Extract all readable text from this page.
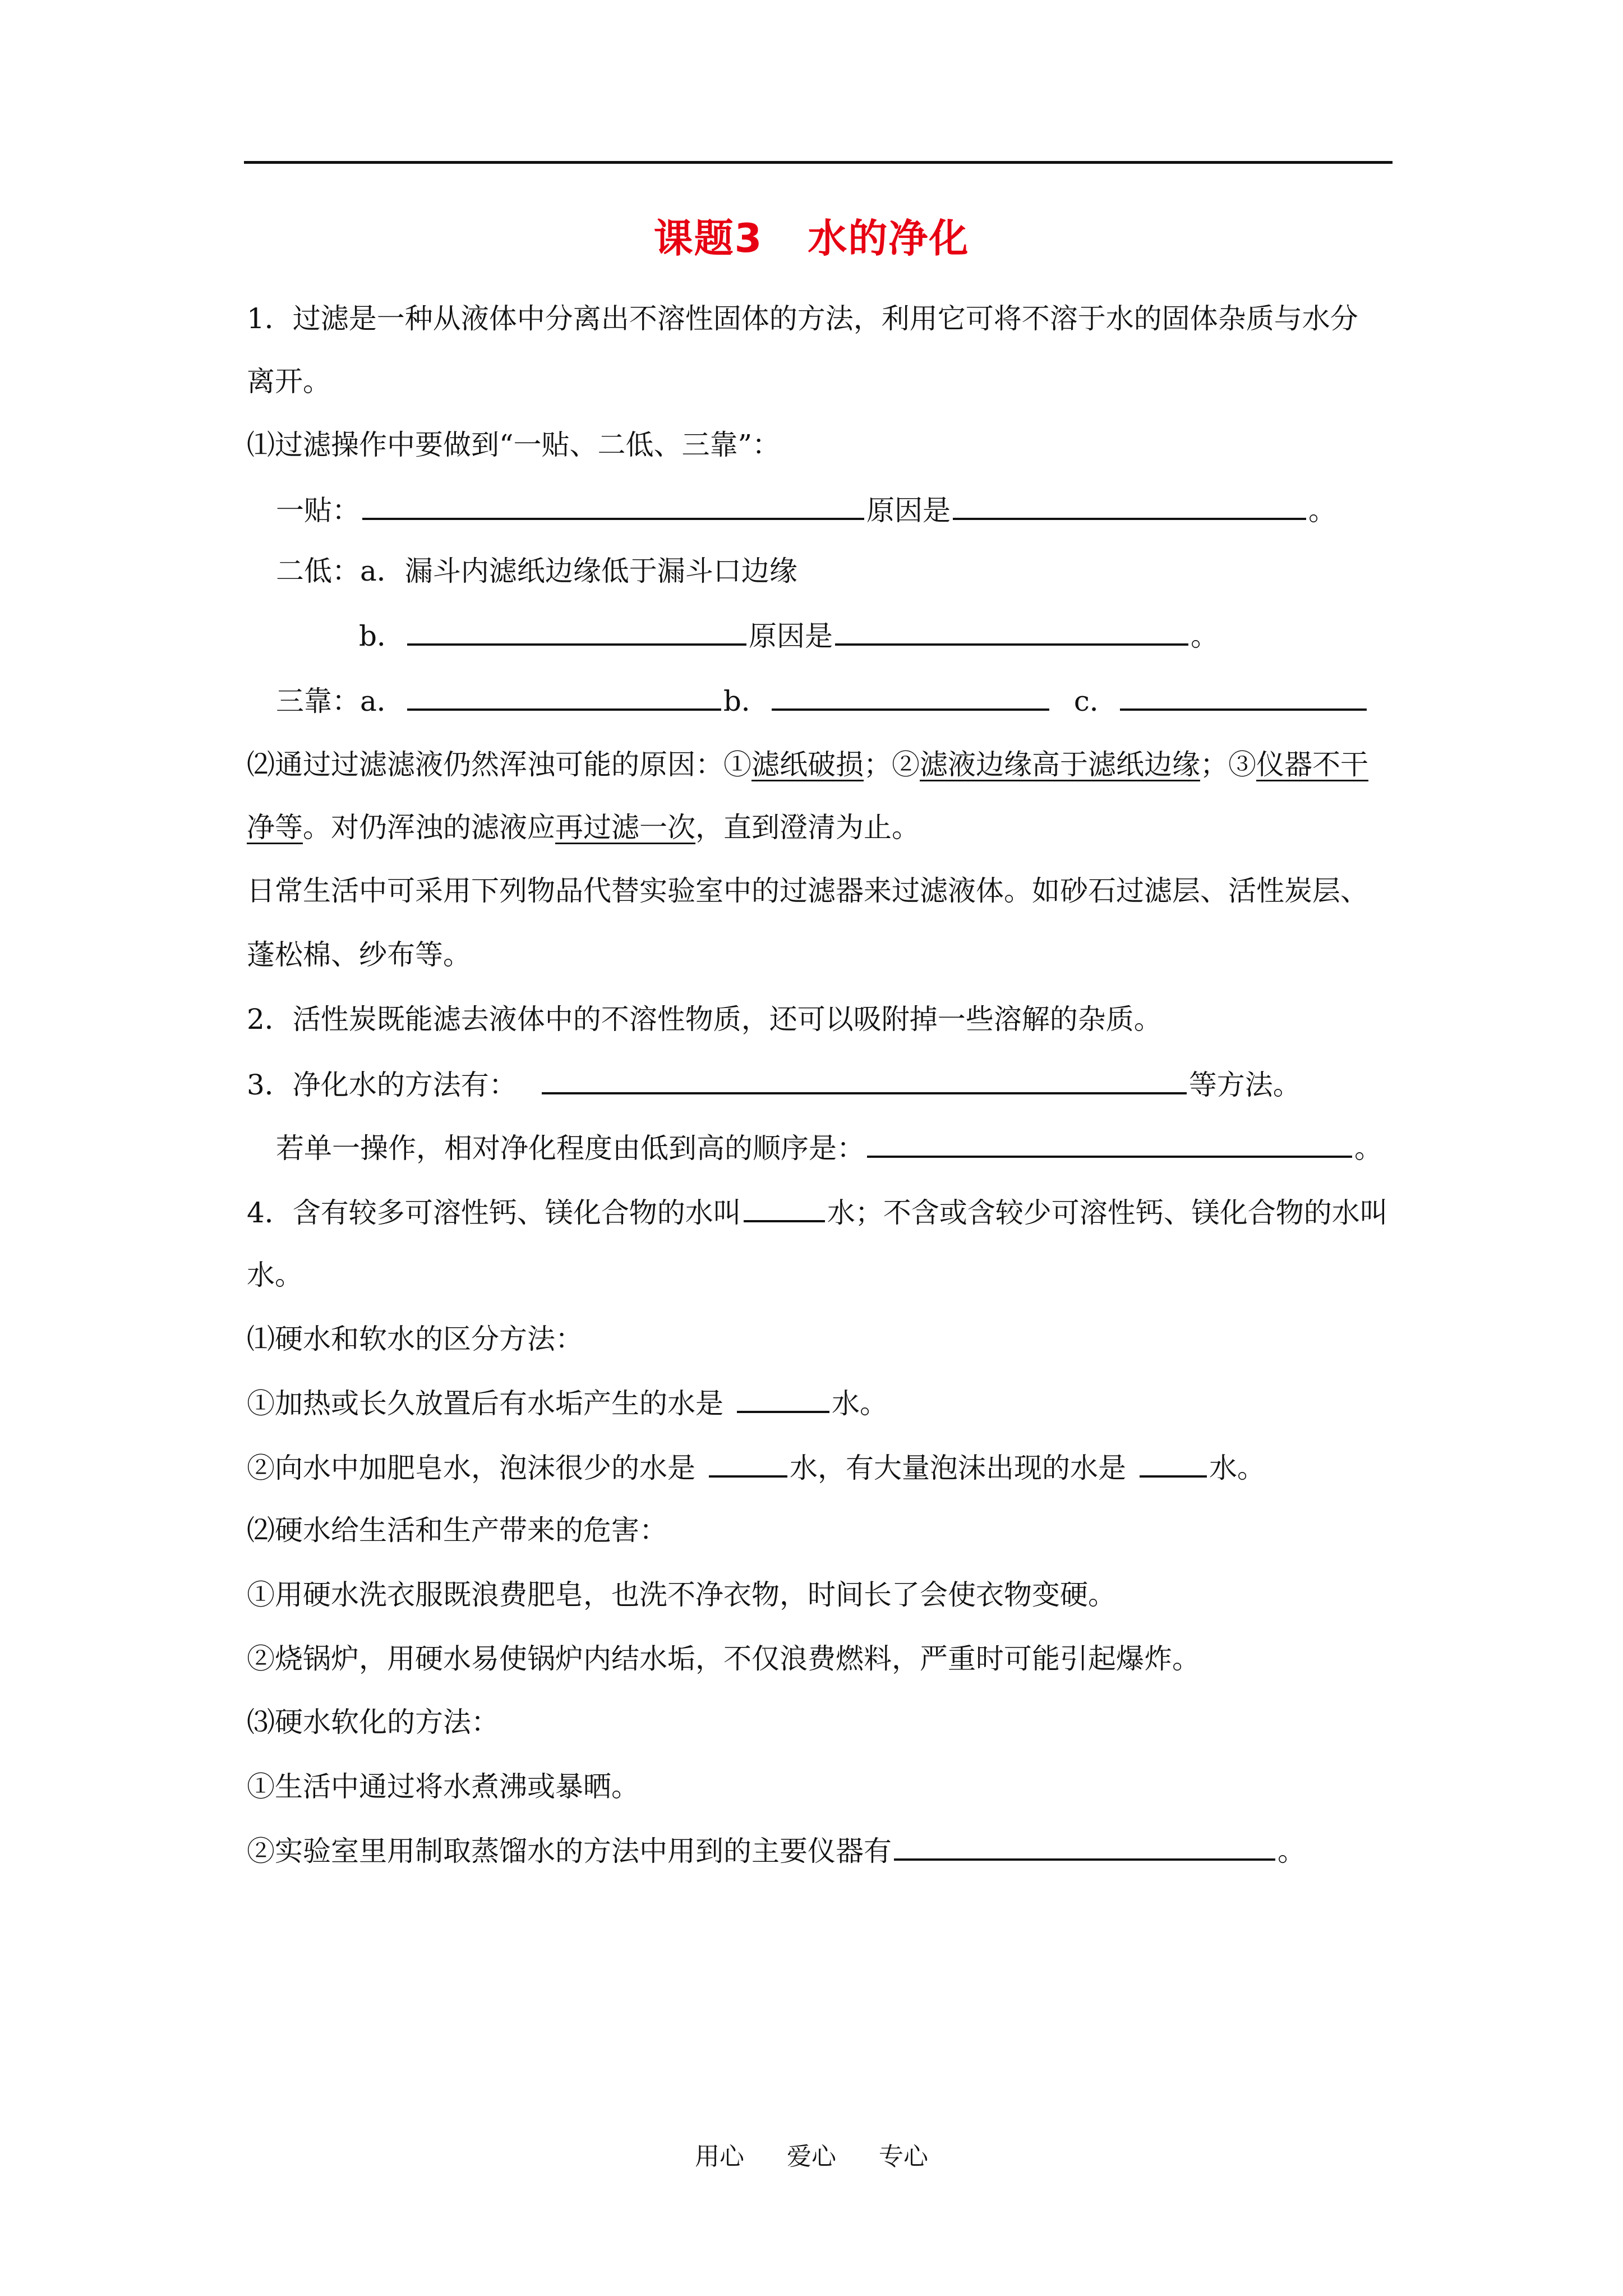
课题3 水的净化
1．过滤是一种从液体中分离出不溶性固体的方法，利用它可将不溶于水的固体杂质与水分
离开。
⑴过滤操作中要做到“一贴、二低、三靠”：
一贴：	原因是	。
二低：a．漏斗内滤纸边缘低于漏斗口边缘
b．	原因是	。
三靠：a．	b．	c．
⑵通过过滤滤液仍然浑浊可能的原因：①滤纸破损；②滤液边缘高于滤纸边缘；③仪器不干
净等。对仍浑浊的滤液应再过滤一次，直到澄清为止。
日常生活中可采用下列物品代替实验室中的过滤器来过滤液体。如砂石过滤层、活性炭层、
蓬松棉、纱布等。
2．活性炭既能滤去液体中的不溶性物质，还可以吸附掉一些溶解的杂质。
3．净化水的方法有：	等方法。
若单一操作，相对净化程度由低到高的顺序是：	。
4．含有较多可溶性钙、镁化合物的水叫	水；不含或含较少可溶性钙、镁化合物的水叫
水。
⑴硬水和软水的区分方法：
①加热或长久放置后有水垢产生的水是	水。
②向水中加肥皂水，泡沫很少的水是	水，有大量泡沫出现的水是	水。
⑵硬水给生活和生产带来的危害：
①用硬水洗衣服既浪费肥皂，也洗不净衣物，时间长了会使衣物变硬。
②烧锅炉，用硬水易使锅炉内结水垢，不仅浪费燃料，严重时可能引起爆炸。
⑶硬水软化的方法：
①生活中通过将水煮沸或暴晒。
②实验室里用制取蒸馏水的方法中用到的主要仪器有	。
用心 爱心 专心
